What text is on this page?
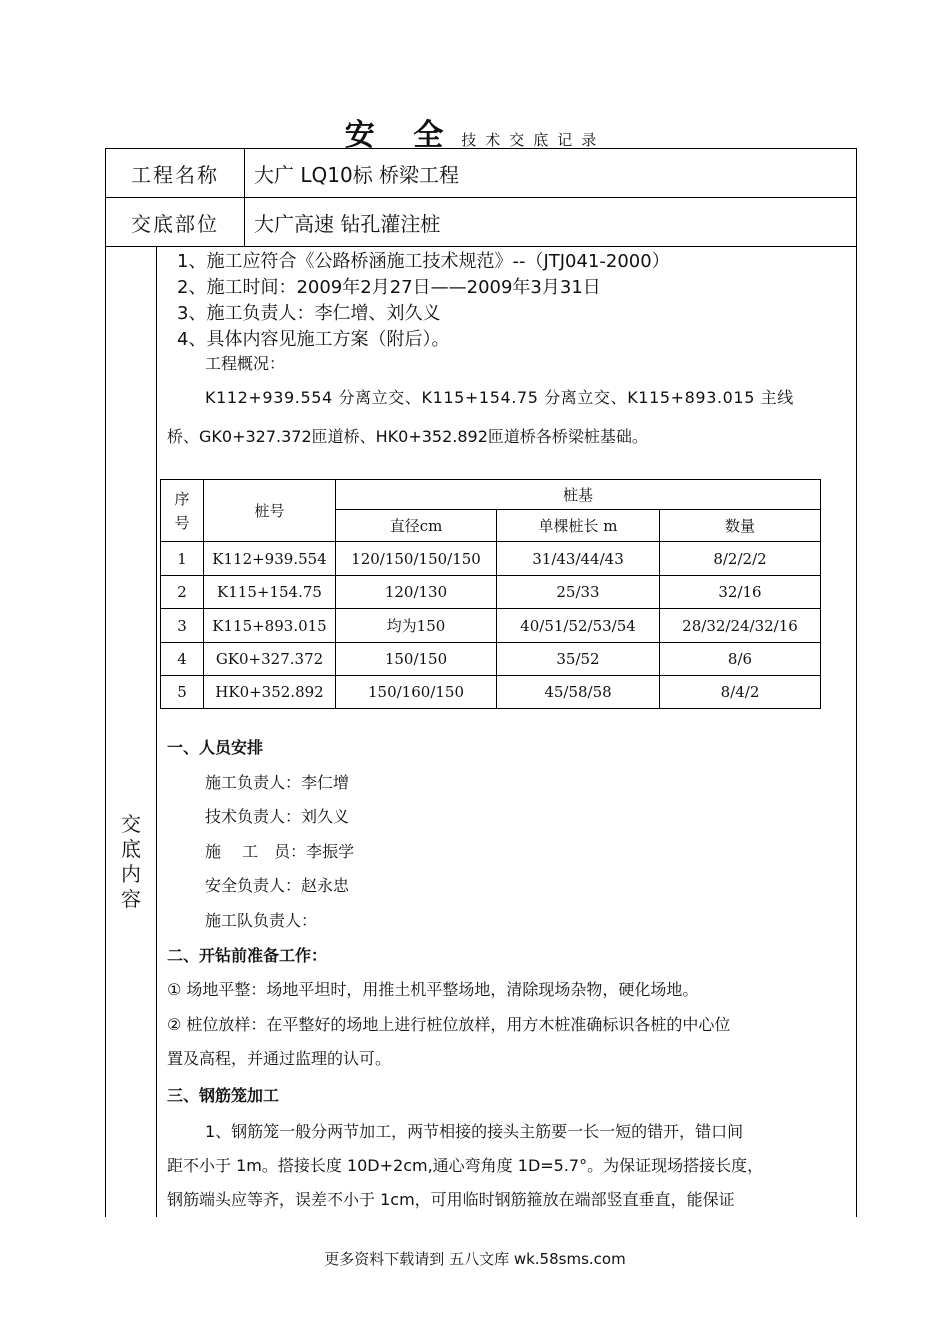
安 全 技术交底记录
工程名称	大广 LQ10标 桥梁工程
交底部位	大广高速 钻孔灌注桩
交
底
内
容
1、施工应符合《公路桥涵施工技术规范》--（JTJ041-2000）
2、施工时间：2009年2月27日——2009年3月31日
3、施工负责人：李仁增、刘久义
4、具体内容见施工方案（附后）。
工程概况：
K112+939.554 分离立交、K115+154.75 分离立交、K115+893.015 主线
桥、GK0+327.372匝道桥、HK0+352.892匝道桥各桥梁桩基础。
序号	桩号	桩基		
		直径cm	单棵桩长 m	数量
1	K112+939.554	120/150/150/150	31/43/44/43	8/2/2/2
2	K115+154.75	120/130	25/33	32/16
3	K115+893.015	均为150	40/51/52/53/54	28/32/24/32/16
4	GK0+327.372	150/150	35/52	8/6
5	HK0+352.892	150/160/150	45/58/58	8/4/2
一、人员安排
施工负责人：李仁增
技术负责人：刘久义
施　 工　员：李振学
安全负责人：赵永忠
施工队负责人：
二、开钻前准备工作：
① 场地平整：场地平坦时，用推土机平整场地，清除现场杂物，硬化场地。
② 桩位放样：在平整好的场地上进行桩位放样，用方木桩准确标识各桩的中心位
置及高程，并通过监理的认可。
三、钢筋笼加工
1、钢筋笼一般分两节加工，两节相接的接头主筋要一长一短的错开，错口间
距不小于 1m。搭接长度 10D+2cm,通心弯角度 1D=5.7°。为保证现场搭接长度，
钢筋端头应等齐，误差不小于 1cm，可用临时钢筋箍放在端部竖直垂直，能保证
更多资料下载请到 五八文库 wk.58sms.com
